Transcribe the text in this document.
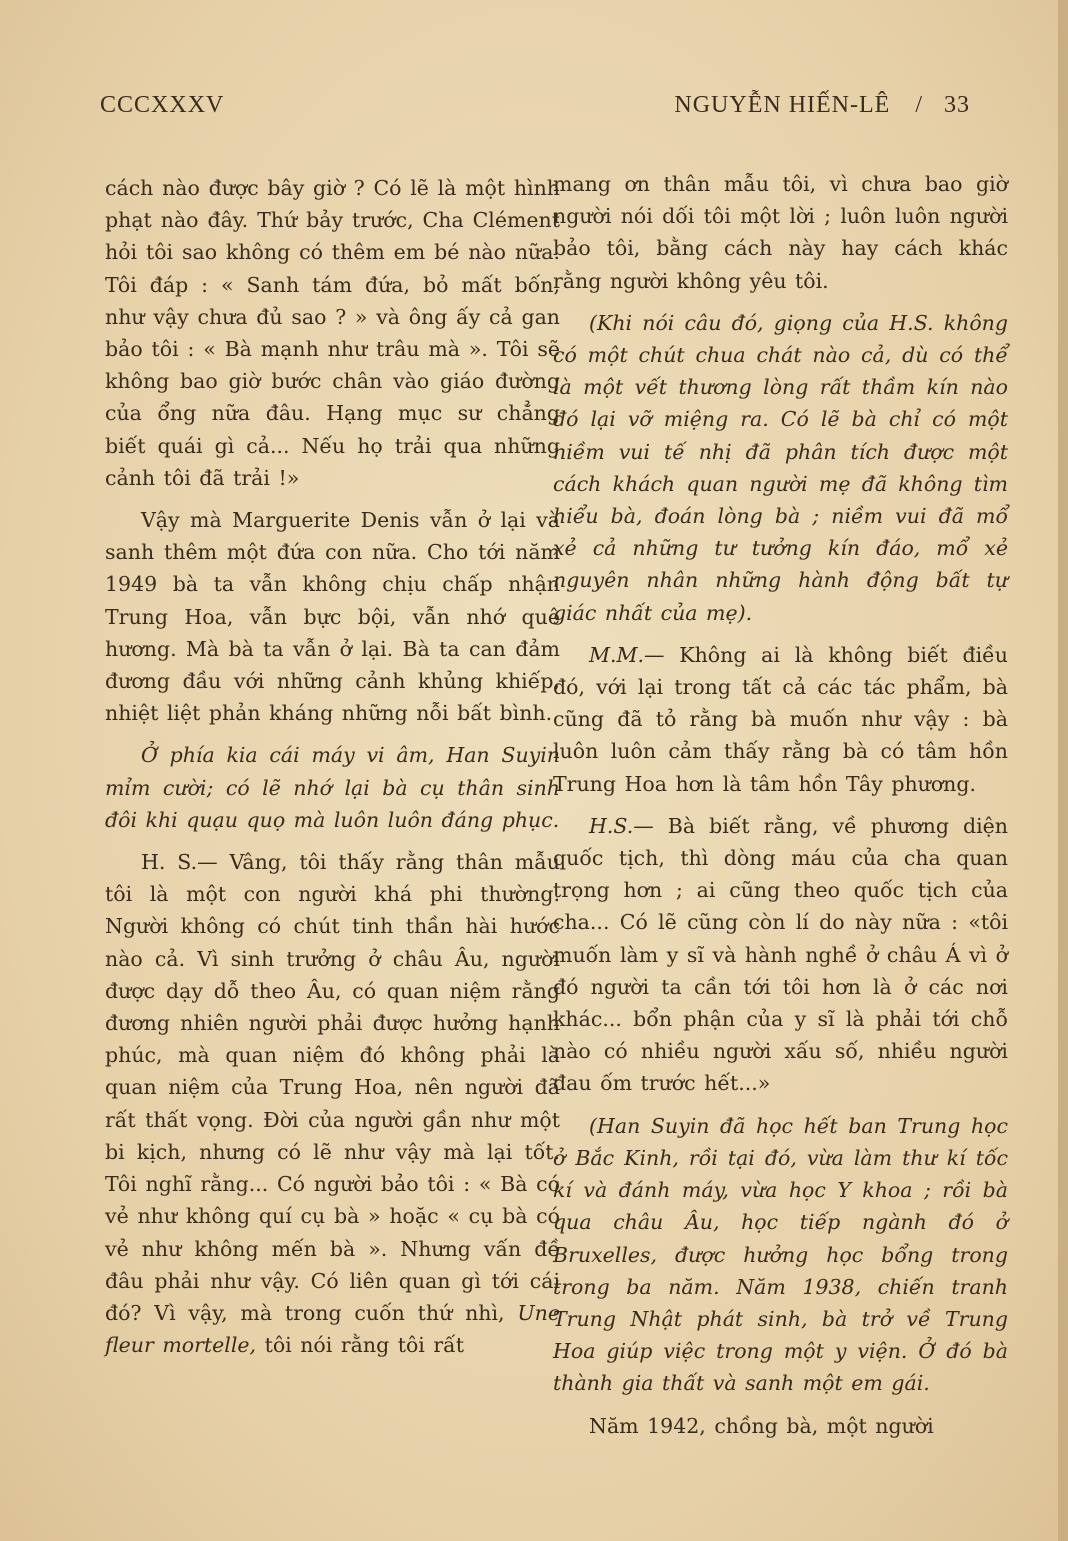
CCCXXXV	NGUYỄN HIẾN-LÊ / 33

cách nào được bây giờ ? Có lẽ là một hình phạt nào đây. Thứ bảy trước, Cha Clément hỏi tôi sao không có thêm em bé nào nữa. Tôi đáp : « Sanh tám đứa, bỏ mất bốn, như vậy chưa đủ sao ? » và ông ấy cả gan bảo tôi : « Bà mạnh như trâu mà ». Tôi sẽ không bao giờ bước chân vào giáo đường của ổng nữa đâu. Hạng mục sư chẳng biết quái gì cả... Nếu họ trải qua những cảnh tôi đã trải !»

Vậy mà Marguerite Denis vẫn ở lại và sanh thêm một đứa con nữa. Cho tới năm 1949 bà ta vẫn không chịu chấp nhận Trung Hoa, vẫn bực bội, vẫn nhớ quê hương. Mà bà ta vẫn ở lại. Bà ta can đảm đương đầu với những cảnh khủng khiếp, nhiệt liệt phản kháng những nỗi bất bình.

Ở phía kia cái máy vi âm, Han Suyin mỉm cười; có lẽ nhớ lại bà cụ thân sinh đôi khi quạu quọ mà luôn luôn đáng phục.

H. S.— Vâng, tôi thấy rằng thân mẫu tôi là một con người khá phi thường. Người không có chút tinh thần hài hước nào cả. Vì sinh trưởng ở châu Âu, người được dạy dỗ theo Âu, có quan niệm rằng đương nhiên người phải được hưởng hạnh phúc, mà quan niệm đó không phải là quan niệm của Trung Hoa, nên người đã rất thất vọng. Đời của người gần như một bi kịch, nhưng có lẽ như vậy mà lại tốt. Tôi nghĩ rằng... Có người bảo tôi : « Bà có vẻ như không quí cụ bà » hoặc « cụ bà có vẻ như không mến bà ». Nhưng vấn đề đâu phải như vậy. Có liên quan gì tới cái đó? Vì vậy, mà trong cuốn thứ nhì, Une fleur mortelle, tôi nói rằng tôi rất

mang ơn thân mẫu tôi, vì chưa bao giờ người nói dối tôi một lời ; luôn luôn người bảo tôi, bằng cách này hay cách khác rằng người không yêu tôi.

(Khi nói câu đó, giọng của H.S. không có một chút chua chát nào cả, dù có thể là một vết thương lòng rất thầm kín nào đó lại vỡ miệng ra. Có lẽ bà chỉ có một niềm vui tế nhị đã phân tích được một cách khách quan người mẹ đã không tìm hiểu bà, đoán lòng bà ; niềm vui đã mổ xẻ cả những tư tưởng kín đáo, mổ xẻ nguyên nhân những hành động bất tự giác nhất của mẹ).

M.M.— Không ai là không biết điều đó, với lại trong tất cả các tác phẩm, bà cũng đã tỏ rằng bà muốn như vậy : bà luôn luôn cảm thấy rằng bà có tâm hồn Trung Hoa hơn là tâm hồn Tây phương.

H.S.— Bà biết rằng, về phương diện quốc tịch, thì dòng máu của cha quan trọng hơn ; ai cũng theo quốc tịch của cha... Có lẽ cũng còn lí do này nữa : «tôi muốn làm y sĩ và hành nghề ở châu Á vì ở đó người ta cần tới tôi hơn là ở các nơi khác... bổn phận của y sĩ là phải tới chỗ nào có nhiều người xấu số, nhiều người đau ốm trước hết...»

(Han Suyin đã học hết ban Trung học ở Bắc Kinh, rồi tại đó, vừa làm thư kí tốc kí và đánh máy, vừa học Y khoa ; rồi bà qua châu Âu, học tiếp ngành đó ở Bruxelles, được hưởng học bổng trong trong ba năm. Năm 1938, chiến tranh Trung Nhật phát sinh, bà trở về Trung Hoa giúp việc trong một y viện. Ở đó bà thành gia thất và sanh một em gái.

Năm 1942, chồng bà, một người
